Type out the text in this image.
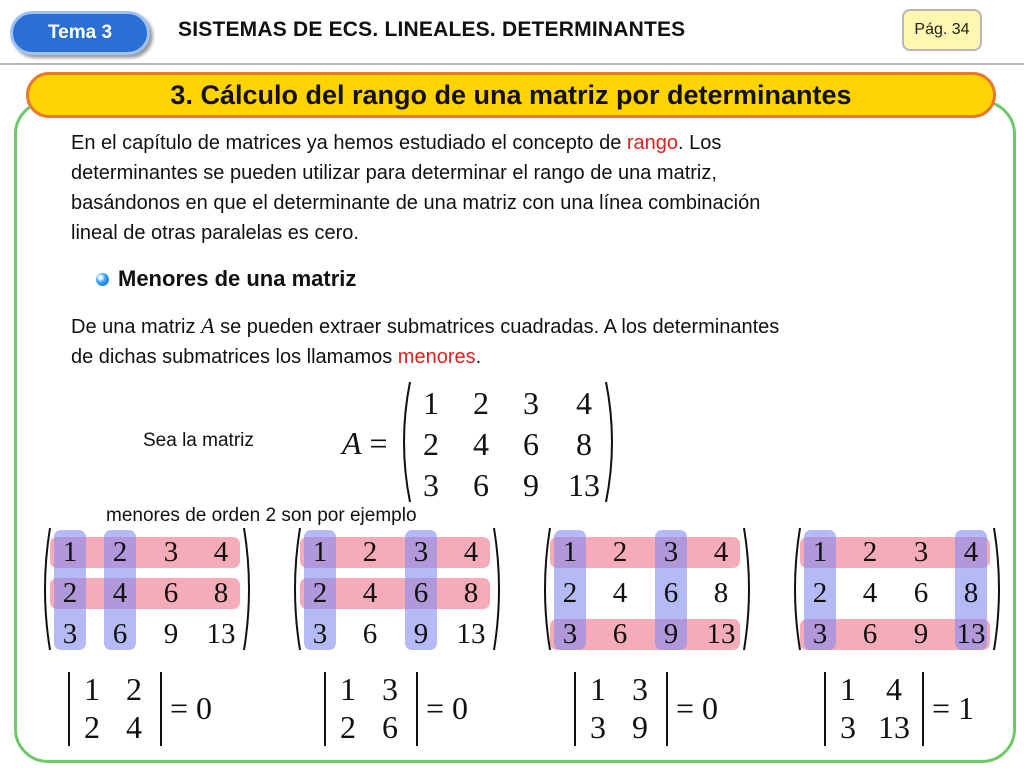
Tema 3	SISTEMAS DE ECS. LINEALES. DETERMINANTES	Pág. 34
3. Cálculo del rango de una matriz por determinantes
En el capítulo de matrices ya hemos estudiado el concepto de rango. Los
determinantes se pueden utilizar para determinar el rango de una matriz,
basándonos en que el determinante de una matriz con una línea combinación
lineal de otras paralelas es cero.
Menores de una matriz
De una matriz A se pueden extraer submatrices cuadradas. A los determinantes
de dichas submatrices los llamamos menores.
Sea la matriz	A =
1	2	3	4
2	4	6	8
3	6	9 13
menores de orden 2 son por ejemplo
1	2	3	4
2	4	6	8
3	6	9 13
1	2	3	4
2	4	6	8
3	6	9 13
1	2	3	4
2	4	6	8
3	6	9 13
1	2	3	4
2	4	6	8
3	6	9 13
1 2
2 4
= 0
1 3
2 6
= 0
1 3
3 9
= 0
1 4
3 13
= 1
